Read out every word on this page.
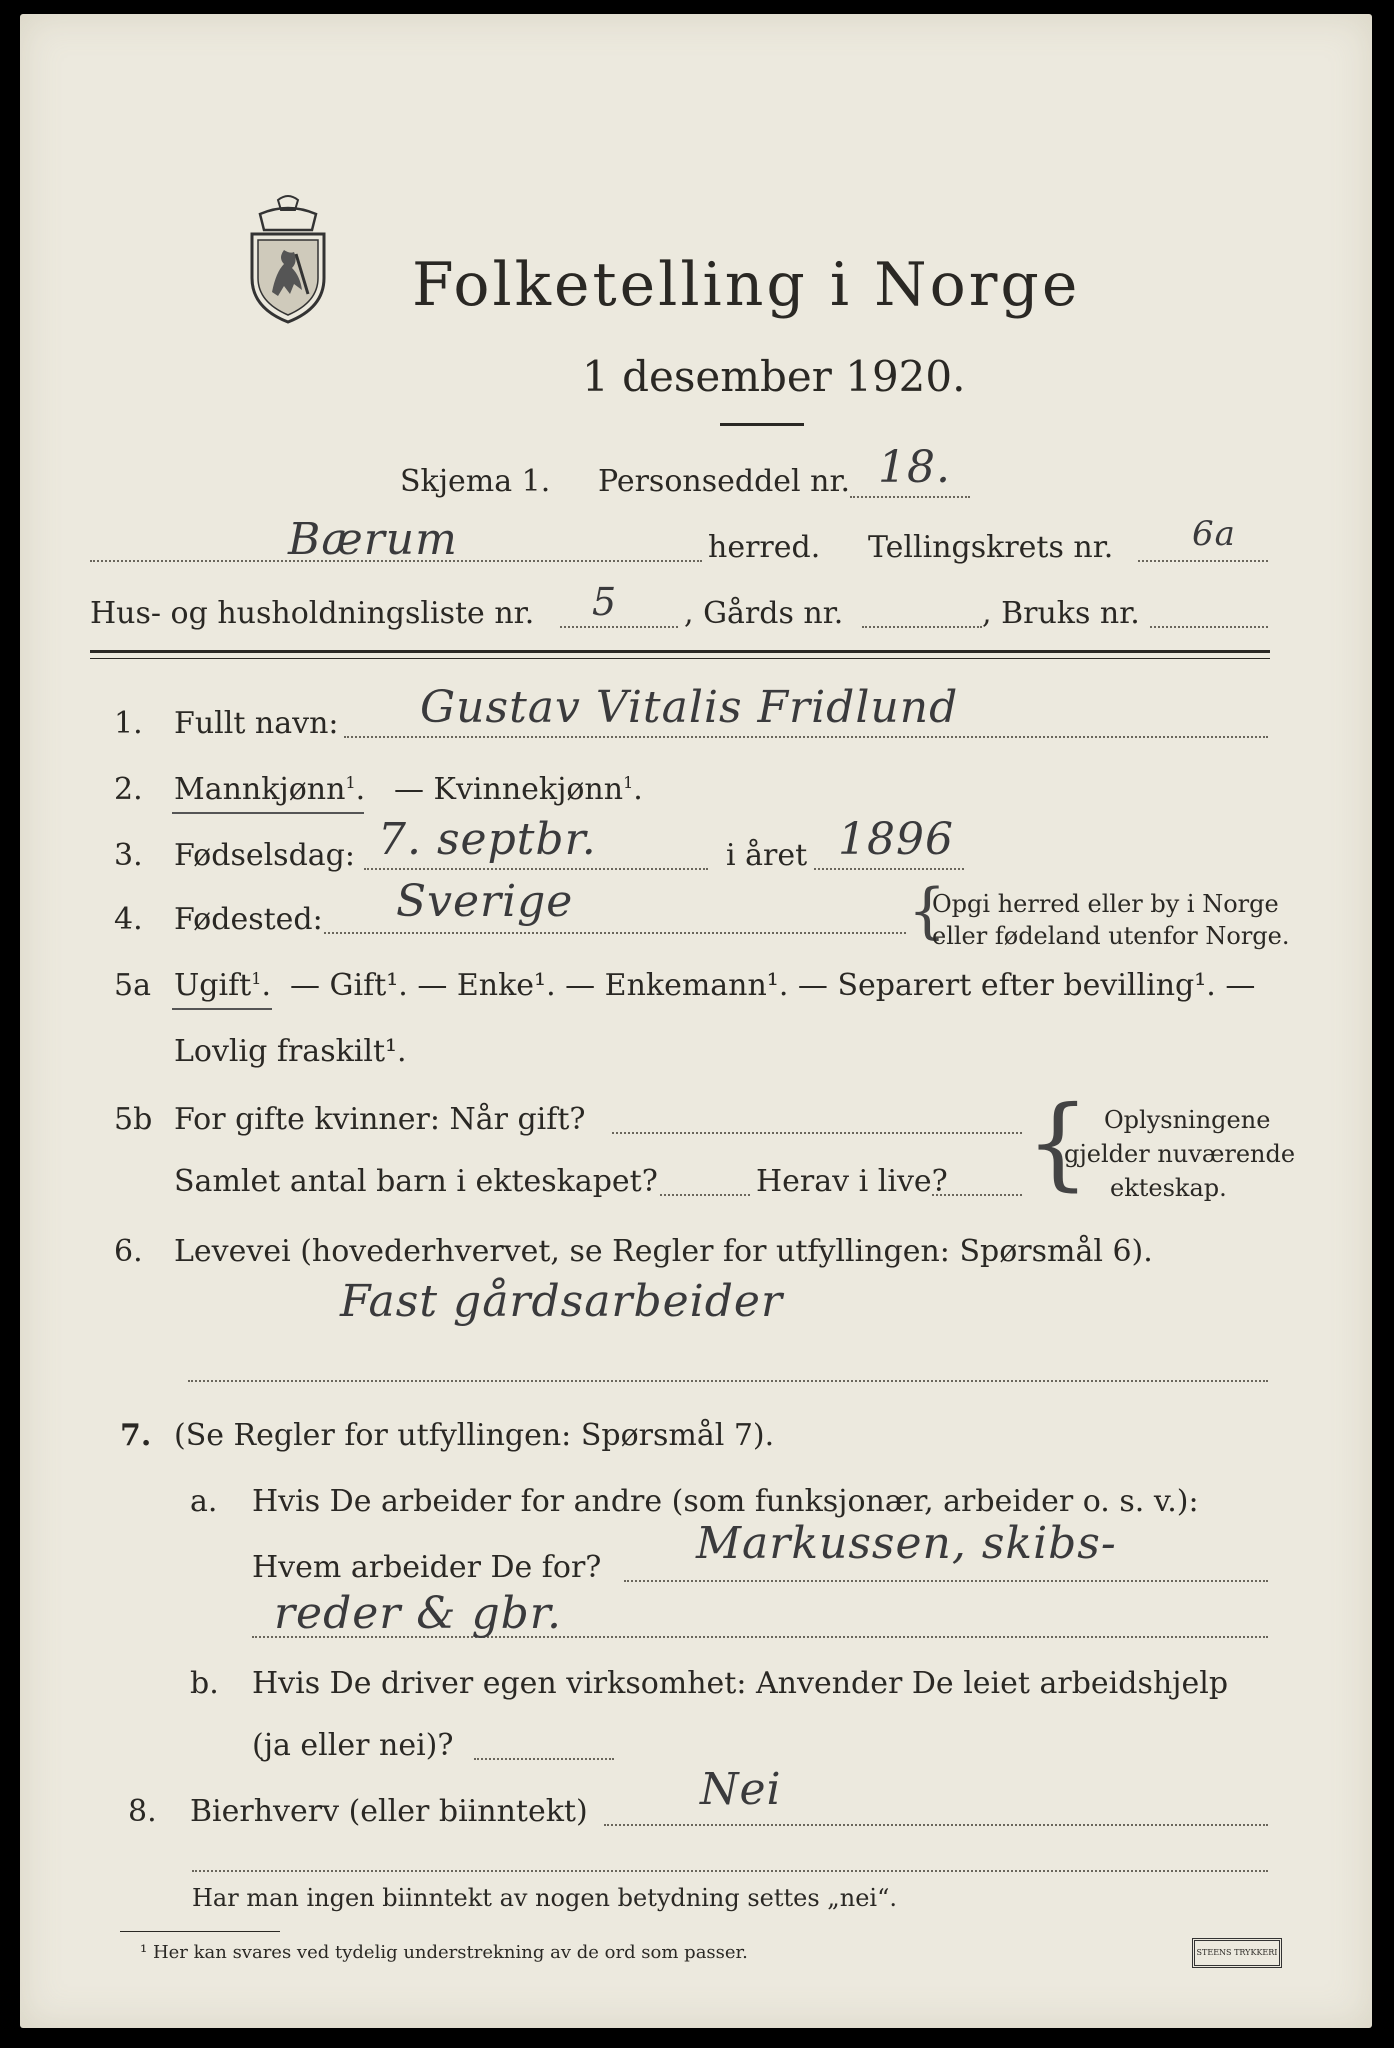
Folketelling i Norge
1 desember 1920.
Skjema 1. Personseddel nr. 18.
Bærum	herred. Tellingskrets nr. 6a
Hus- og husholdningsliste nr. 5 , Gårds nr.	, Bruks nr.
1. Fullt navn: Gustav Vitalis Fridlund
2. Mannkjønn$^1$. — Kvinnekjønn$^1$.
3. Fødselsdag: 7. septbr.	i året 1896
4. Fødested: Sverige	{
Opgi herred eller by i Norge
eller fødeland utenfor Norge.
5a Ugift$^1$. — Gift¹. — Enke¹. — Enkemann¹. — Separert efter bevilling¹. —
Lovlig fraskilt¹.
5b For gifte kvinner: Når gift?
Samlet antal barn i ekteskapet?	Herav i live? { Oplysningene
gjelder nuværende
ekteskap.
6. Levevei (hovederhvervet, se Regler for utfyllingen: Spørsmål 6).
Fast gårdsarbeider
7. (Se Regler for utfyllingen: Spørsmål 7).
a. Hvis De arbeider for andre (som funksjonær, arbeider o. s. v.):
Hvem arbeider De for? Markussen, skibs-
reder & gbr.
b. Hvis De driver egen virksomhet: Anvender De leiet arbeidshjelp
(ja eller nei)?
8. Bierhverv (eller biinntekt)	Nei
Har man ingen biinntekt av nogen betydning settes „nei“.
¹ Her kan svares ved tydelig understrekning av de ord som passer.	STEENS TRYKKERI
